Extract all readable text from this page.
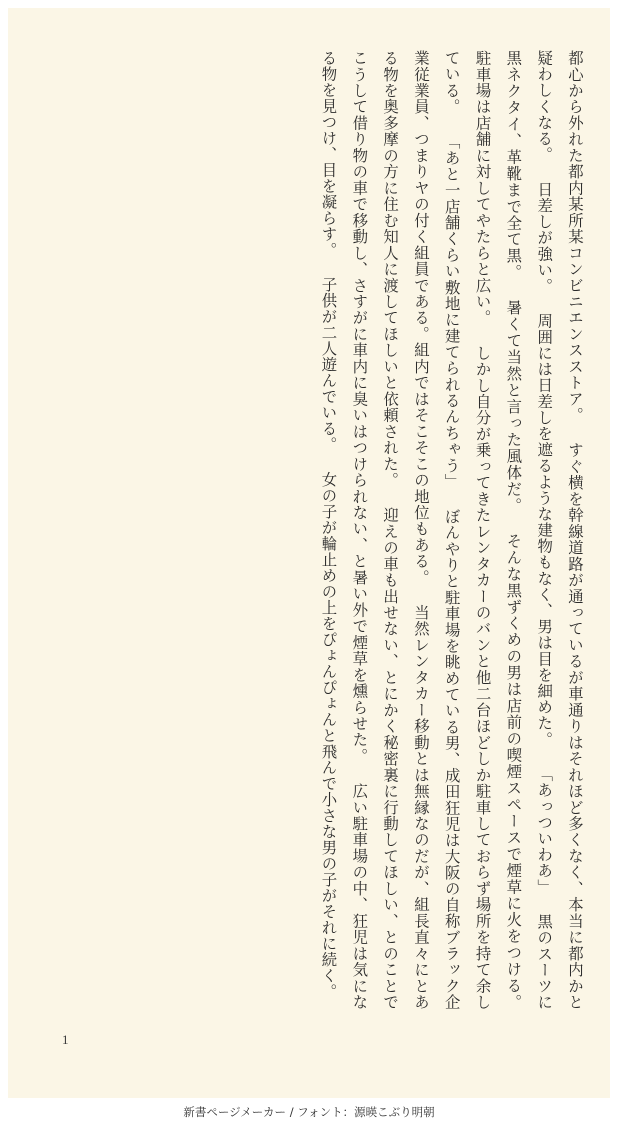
都心から外れた都内某所某コンビニエンスストア。 すぐ横を幹線道路が通っているが車通りはそれほど多くなく、本当に都内かと疑わしくなる。 日差しが強い。 周囲には日差しを遮るような建物もなく、男は目を細めた。 「あっついわあ」 黒のスーツに黒ネクタイ、革靴まで全て黒。 暑くて当然と言った風体だ。 そんな黒ずくめの男は店前の喫煙スペースで煙草に火をつける。 駐車場は店舗に対してやたらと広い。 しかし自分が乗ってきたレンタカーのバンと他二台ほどしか駐車しておらず場所を持て余している。 「あと一店舗くらい敷地に建てられるんちゃう」 ぼんやりと駐車場を眺めている男、成田狂児は大阪の自称ブラック企業従業員、つまりヤの付く組員である。組内ではそこそこの地位もある。 当然レンタカー移動とは無縁なのだが、組長直々にとある物を奥多摩の方に住む知人に渡してほしいと依頼された。 迎えの車も出せない、とにかく秘密裏に行動してほしい、とのことでこうして借り物の車で移動し、さすがに車内に臭いはつけられない、と暑い外で煙草を燻らせた。 広い駐車場の中、狂児は気になる物を見つけ、目を凝らす。 子供が二人遊んでいる。 女の子が輪止めの上をぴょんぴょんと飛んで小さな男の子がそれに続く。

1
新書ページメーカー / フォント：源暎こぶり明朝
